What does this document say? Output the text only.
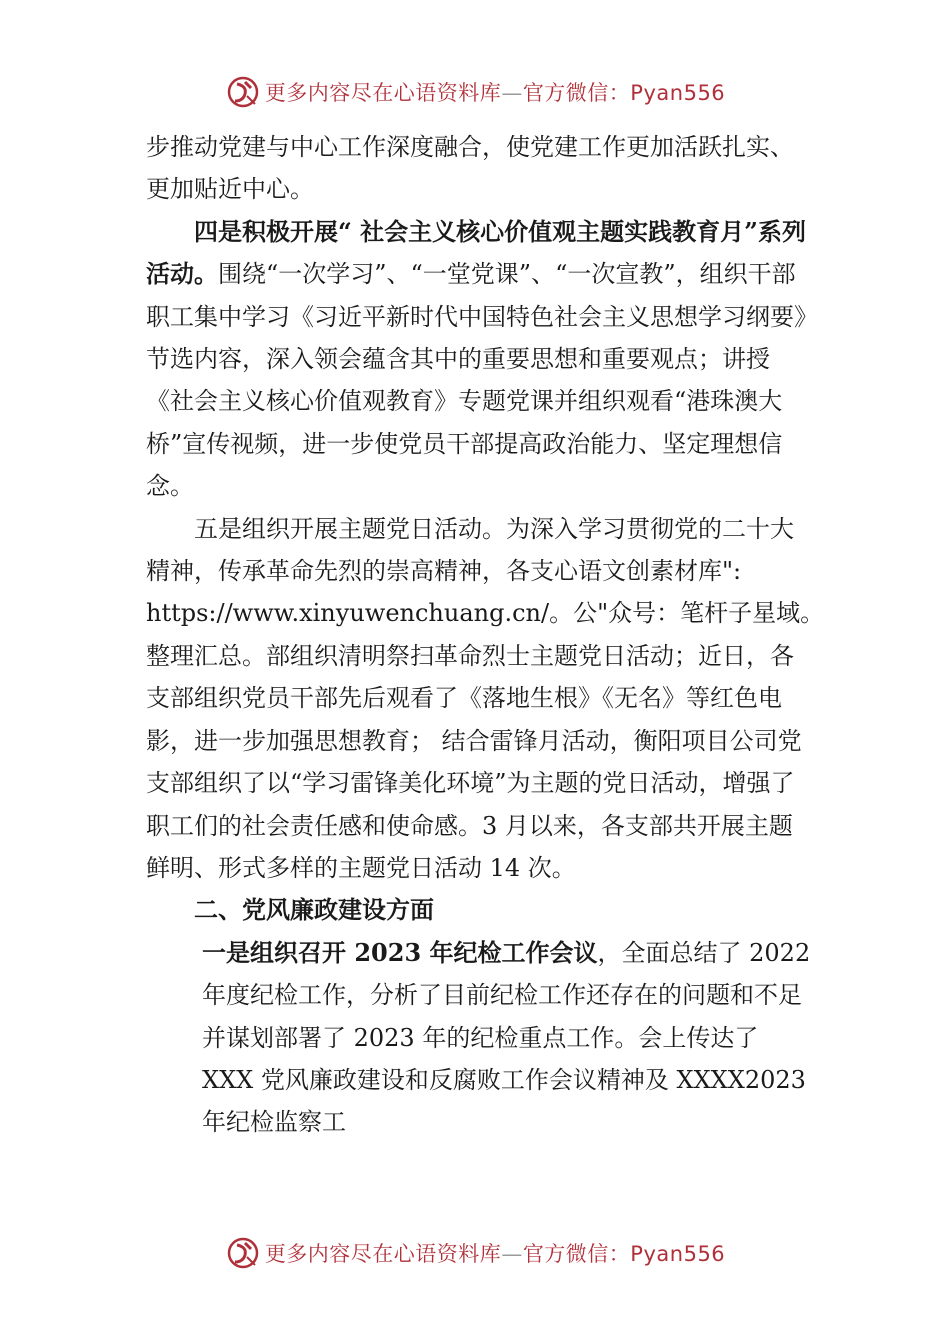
更多内容尽在心语资料库—官方微信：Pyan556

步推动党建与中心工作深度融合，使党建工作更加活跃扎实、更加贴近中心。

四是积极开展“ 社会主义核心价值观主题实践教育月”系列活动。围绕“一次学习”、“一堂党课”、“一次宣教”，组织干部职工集中学习《习近平新时代中国特色社会主义思想学习纲要》节选内容，深入领会蕴含其中的重要思想和重要观点；讲授《社会主义核心价值观教育》专题党课并组织观看“港珠澳大桥”宣传视频，进一步使党员干部提高政治能力、坚定理想信念。

五是组织开展主题党日活动。为深入学习贯彻党的二十大精神，传承革命先烈的崇高精神，各支心语文创素材库":
https://www.xinyuwenchuang.cn/。公"众号：笔杆子星域。
整理汇总。部组织清明祭扫革命烈士主题党日活动；近日，各支部组织党员干部先后观看了《落地生根》《无名》等红色电影，进一步加强思想教育； 结合雷锋月活动，衡阳项目公司党支部组织了以“学习雷锋美化环境”为主题的党日活动，增强了职工们的社会责任感和使命感。3 月以来，各支部共开展主题鲜明、形式多样的主题党日活动 14 次。

二、党风廉政建设方面

一是组织召开 2023 年纪检工作会议，全面总结了 2022 年度纪检工作，分析了目前纪检工作还存在的问题和不足并谋划部署了 2023 年的纪检重点工作。会上传达了 XXX 党风廉政建设和反腐败工作会议精神及 XXXX2023 年纪检监察工

更多内容尽在心语资料库—官方微信：Pyan556
